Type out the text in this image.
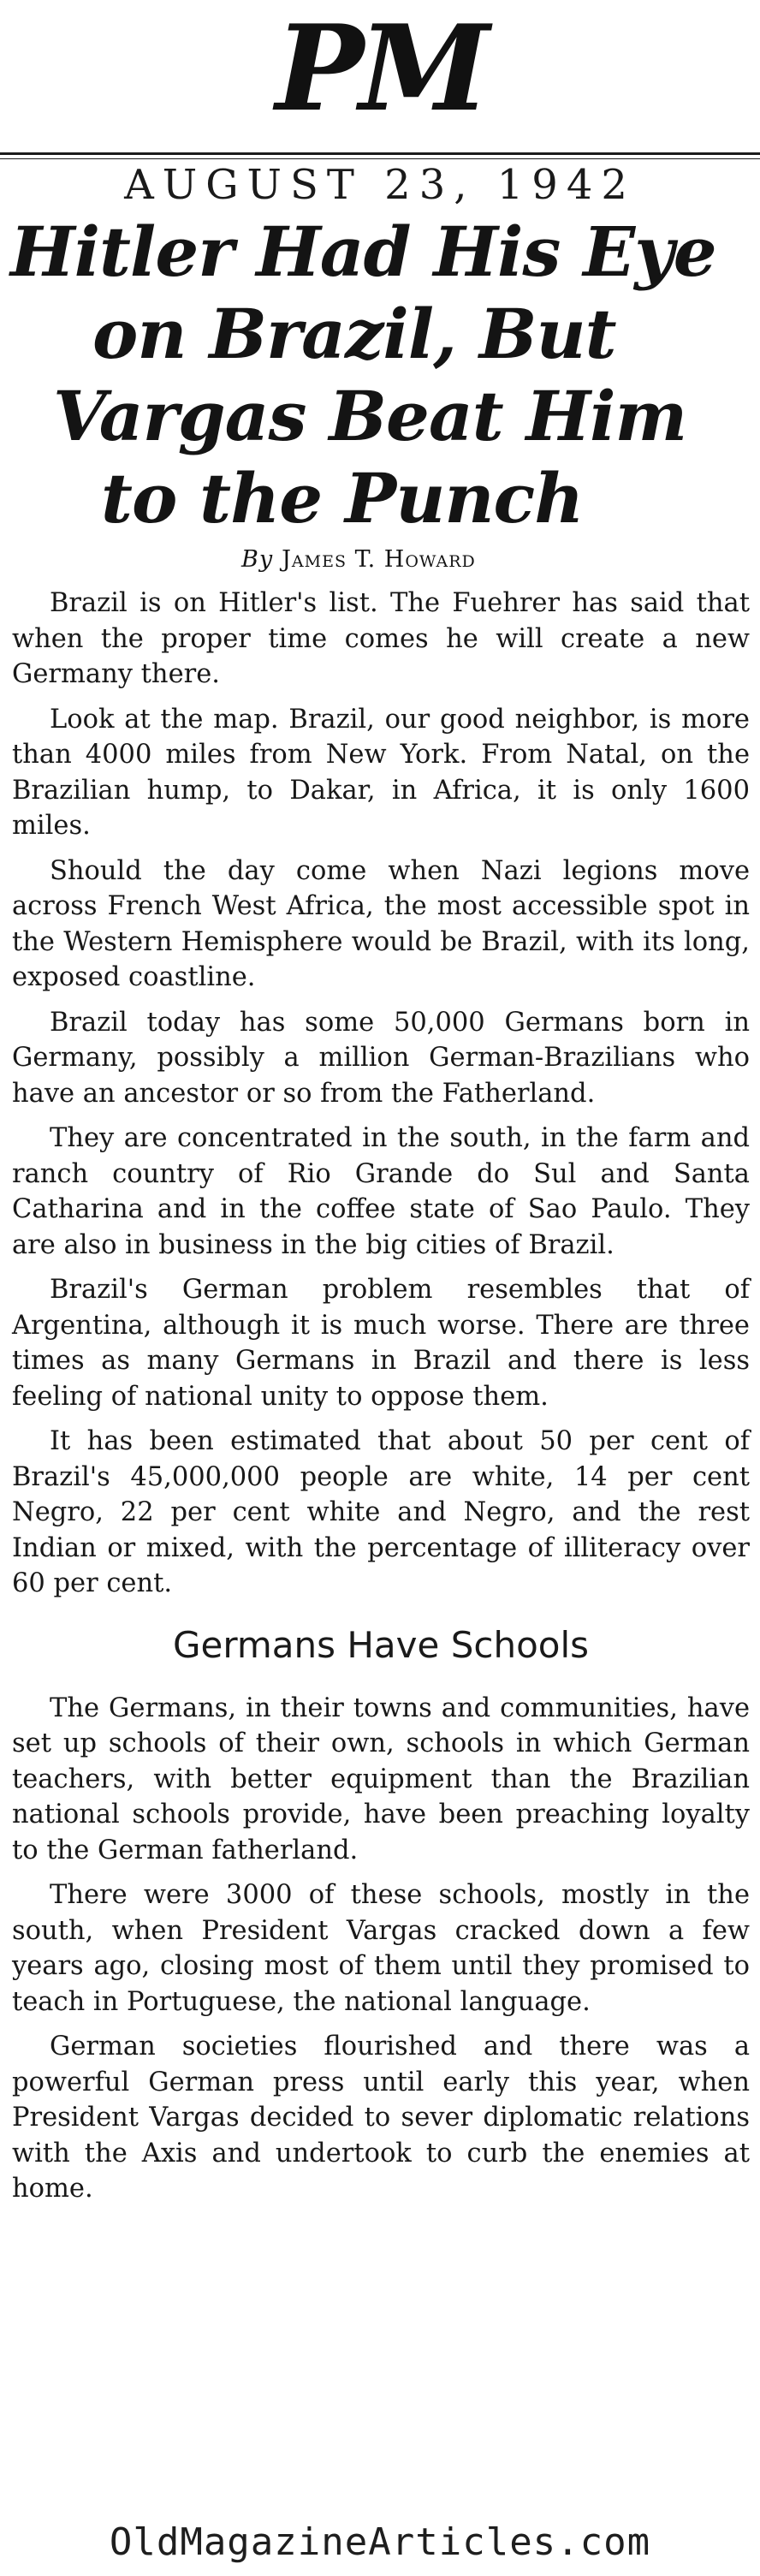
PM
AUGUST 23, 1942
Hitler Had His Eye
on Brazil, But
Vargas Beat Him
to the Punch
By James T. Howard

Brazil is on Hitler's list. The Fuehrer has said that when the proper time comes he will create a new Germany there.

Look at the map. Brazil, our good neighbor, is more than 4000 miles from New York. From Natal, on the Brazilian hump, to Dakar, in Africa, it is only 1600 miles.

Should the day come when Nazi legions move across French West Africa, the most accessible spot in the Western Hemisphere would be Brazil, with its long, exposed coastline.

Brazil today has some 50,000 Germans born in Germany, possibly a million German-Brazilians who have an ancestor or so from the Fatherland.

They are concentrated in the south, in the farm and ranch country of Rio Grande do Sul and Santa Catharina and in the coffee state of Sao Paulo. They are also in business in the big cities of Brazil.

Brazil's German problem resembles that of Argentina, although it is much worse. There are three times as many Germans in Brazil and there is less feeling of national unity to oppose them.

It has been estimated that about 50 per cent of Brazil's 45,000,000 people are white, 14 per cent Negro, 22 per cent white and Negro, and the rest Indian or mixed, with the percentage of illiteracy over 60 per cent.

Germans Have Schools

The Germans, in their towns and communities, have set up schools of their own, schools in which German teachers, with better equipment than the Brazilian national schools provide, have been preaching loyalty to the German fatherland.

There were 3000 of these schools, mostly in the south, when President Vargas cracked down a few years ago, closing most of them until they promised to teach in Portuguese, the national language.

German societies flourished and there was a powerful German press until early this year, when President Vargas decided to sever diplomatic relations with the Axis and undertook to curb the enemies at home.

OldMagazineArticles.com
